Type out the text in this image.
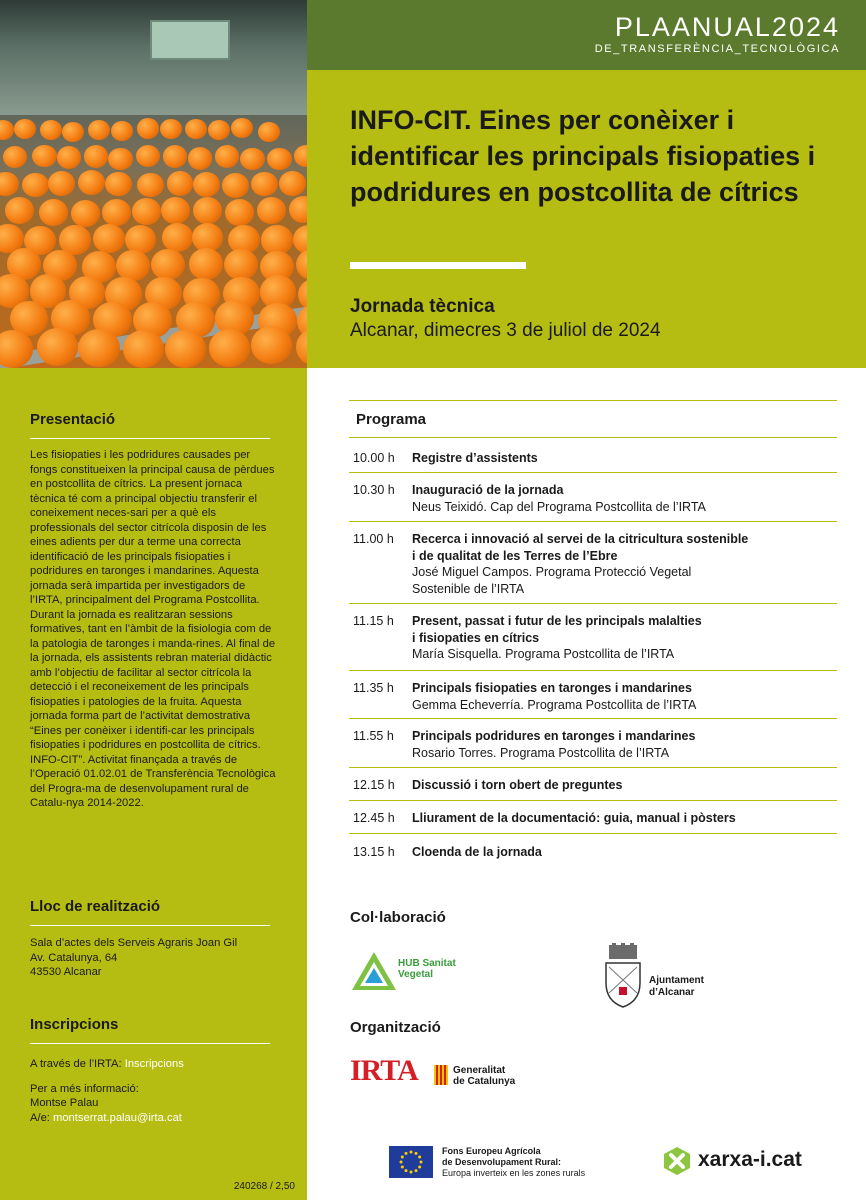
PLAANUAL2024
DE_TRANSFERÈNCIA_TECNOLÒGICA
INFO-CIT. Eines per conèixer i identificar les principals fisiopaties i podridures en postcollita de cítrics
Jornada tècnica
Alcanar, dimecres 3 de juliol de 2024
Presentació
Les fisiopaties i les podridures causades per fongs constitueixen la principal causa de pèrdues en postcollita de cítrics. La present jornaca tècnica té com a principal objectiu transferir el coneixement neces-sari per a què els professionals del sector citrícola disposin de les eines adients per dur a terme una correcta identificació de les principals fisiopaties i podridures en taronges i mandarines. Aquesta jornada serà impartida per investigadors de l’IRTA, principalment del Programa Postcollita. Durant la jornada es realitzaran sessions formatives, tant en l’àmbit de la fisiologia com de la patologia de taronges i manda-rines. Al final de la jornada, els assistents rebran material didàctic amb l’objectiu de facilitar al sector citrícola la detecció i el reconeixement de les principals fisiopaties i patologies de la fruita. Aquesta jornada forma part de l’activitat demostrativa “Eines per conèixer i identifi-car les principals fisiopaties i podridures en postcollita de cítrics. INFO-CIT”. Activitat finançada a través de l’Operació 01.02.01 de Transferència Tecnològica del Progra-ma de desenvolupament rural de Catalu-nya 2014-2022.
Lloc de realització
Sala d’actes dels Serveis Agraris Joan Gil
Av. Catalunya, 64
43530 Alcanar
Inscripcions
A través de l’IRTA: Inscripcions
Per a més informació:
Montse Palau
A/e: montserrat.palau@irta.cat
240268 / 2,50
Programa
10.00 h Registre d’assistents
10.30 h Inauguració de la jornada
Neus Teixidó. Cap del Programa Postcollita de l’IRTA
11.00 h Recerca i innovació al servei de la citricultura sostenible
i de qualitat de les Terres de l’Ebre
José Miguel Campos. Programa Protecció Vegetal
Sostenible de l’IRTA
11.15 h Present, passat i futur de les principals malalties
i fisiopaties en cítrics
María Sisquella. Programa Postcollita de l’IRTA
11.35 h Principals fisiopaties en taronges i mandarines
Gemma Echeverría. Programa Postcollita de l’IRTA
11.55 h Principals podridures en taronges i mandarines
Rosario Torres. Programa Postcollita de l’IRTA
12.15 h Discussió i torn obert de preguntes
12.45 h Lliurament de la documentació: guia, manual i pòsters
13.15 h Cloenda de la jornada
Col·laboració
HUB Sanitat
Vegetal
Ajuntament
d’Alcanar
Organització
IRTA	Generalitat
de Catalunya
Fons Europeu Agrícola
de Desenvolupament Rural:
Europa inverteix en les zones rurals
xarxa-i.cat
